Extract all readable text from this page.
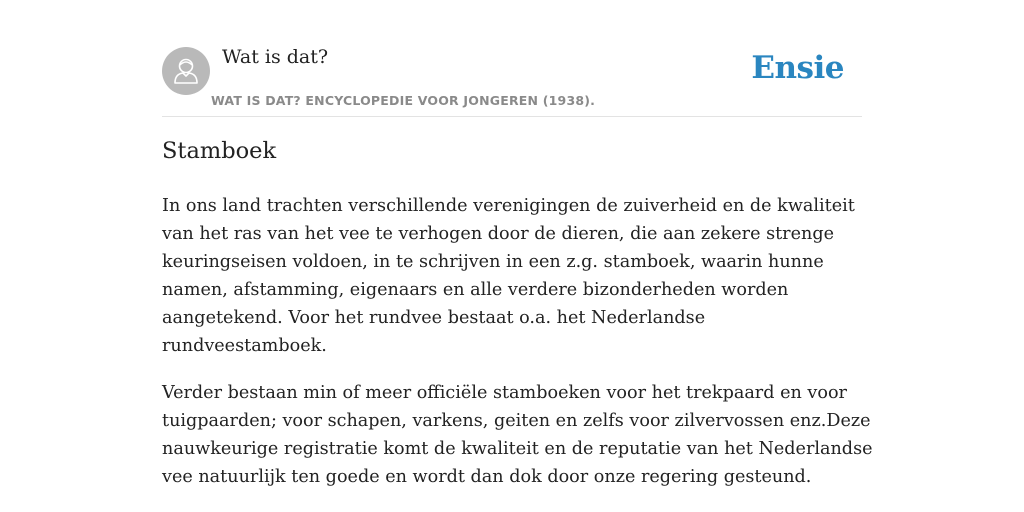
Wat is dat?
WAT IS DAT? ENCYCLOPEDIE VOOR JONGEREN (1938).
Ensie
Stamboek

In ons land trachten verschillende verenigingen de zuiverheid en de kwaliteit van het ras van het vee te verhogen door de dieren, die aan zekere strenge keuringseisen voldoen, in te schrijven in een z.g. stamboek, waarin hunne namen, afstamming, eigenaars en alle verdere bizonderheden worden aangetekend. Voor het rundvee bestaat o.a. het Nederlandse rundveestamboek.

Verder bestaan min of meer officiële stamboeken voor het trekpaard en voor tuigpaarden; voor schapen, varkens, geiten en zelfs voor zilvervossen enz.Deze nauwkeurige registratie komt de kwaliteit en de reputatie van het Nederlandse vee natuurlijk ten goede en wordt dan dok door onze regering gesteund.
